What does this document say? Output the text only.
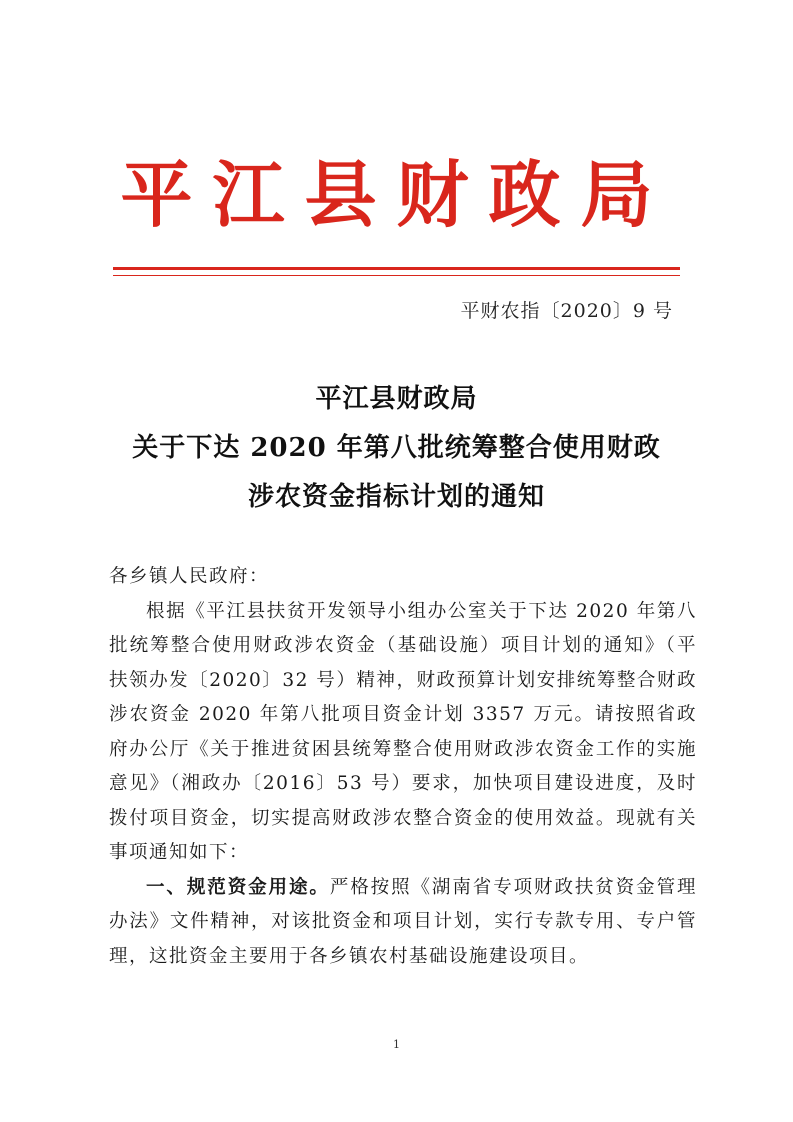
平江县财政局
平财农指〔2020〕9 号
平江县财政局
关于下达 2020 年第八批统筹整合使用财政
涉农资金指标计划的通知

各乡镇人民政府：

根据《平江县扶贫开发领导小组办公室关于下达 2020 年第八批统筹整合使用财政涉农资金（基础设施）项目计划的通知》（平扶领办发〔2020〕32 号）精神，财政预算计划安排统筹整合财政涉农资金 2020 年第八批项目资金计划 3357 万元。请按照省政府办公厅《关于推进贫困县统筹整合使用财政涉农资金工作的实施意见》（湘政办〔2016〕53 号）要求，加快项目建设进度，及时拨付项目资金，切实提高财政涉农整合资金的使用效益。现就有关事项通知如下：

一、规范资金用途。严格按照《湖南省专项财政扶贫资金管理办法》文件精神，对该批资金和项目计划，实行专款专用、专户管理，这批资金主要用于各乡镇农村基础设施建设项目。

1
